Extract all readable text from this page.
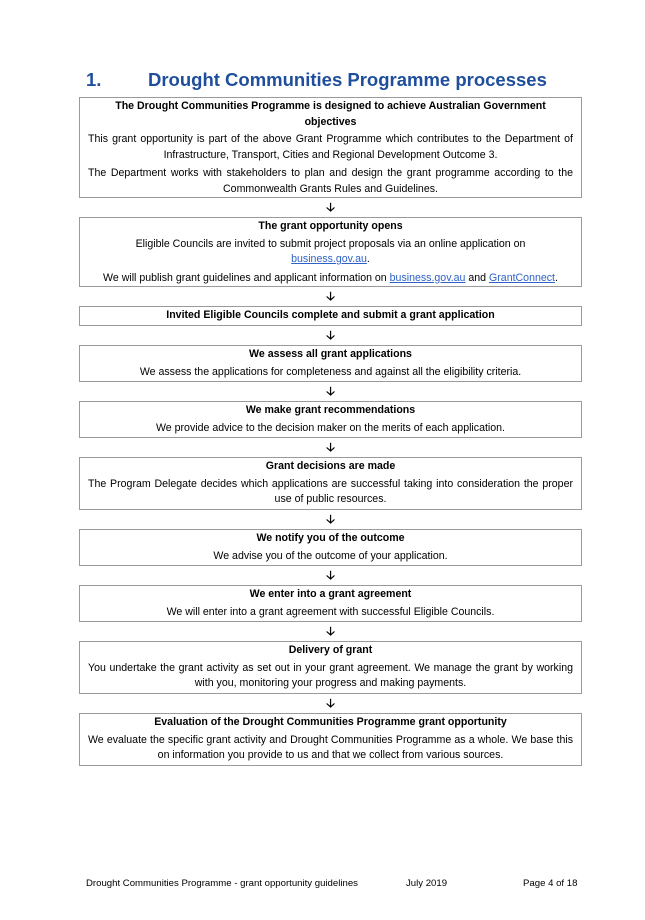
1.	Drought Communities Programme processes
The Drought Communities Programme is designed to achieve Australian Government objectives

This grant opportunity is part of the above Grant Programme which contributes to the Department of Infrastructure, Transport, Cities and Regional Development Outcome 3.

The Department works with stakeholders to plan and design the grant programme according to the Commonwealth Grants Rules and Guidelines.

🡣
The grant opportunity opens

Eligible Councils are invited to submit project proposals via an online application on
business.gov.au.

We will publish grant guidelines and applicant information on business.gov.au and GrantConnect.

🡣
Invited Eligible Councils complete and submit a grant application
🡣
We assess all grant applications

We assess the applications for completeness and against all the eligibility criteria.

🡣
We make grant recommendations

We provide advice to the decision maker on the merits of each application.

🡣
Grant decisions are made

The Program Delegate decides which applications are successful taking into consideration the proper use of public resources.

🡣
We notify you of the outcome

We advise you of the outcome of your application.

🡣
We enter into a grant agreement

We will enter into a grant agreement with successful Eligible Councils.

🡣
Delivery of grant

You undertake the grant activity as set out in your grant agreement. We manage the grant by working with you, monitoring your progress and making payments.

🡣
Evaluation of the Drought Communities Programme grant opportunity

We evaluate the specific grant activity and Drought Communities Programme as a whole. We base this on information you provide to us and that we collect from various sources.

Drought Communities Programme - grant opportunity guidelines	July 2019	Page 4 of 18
